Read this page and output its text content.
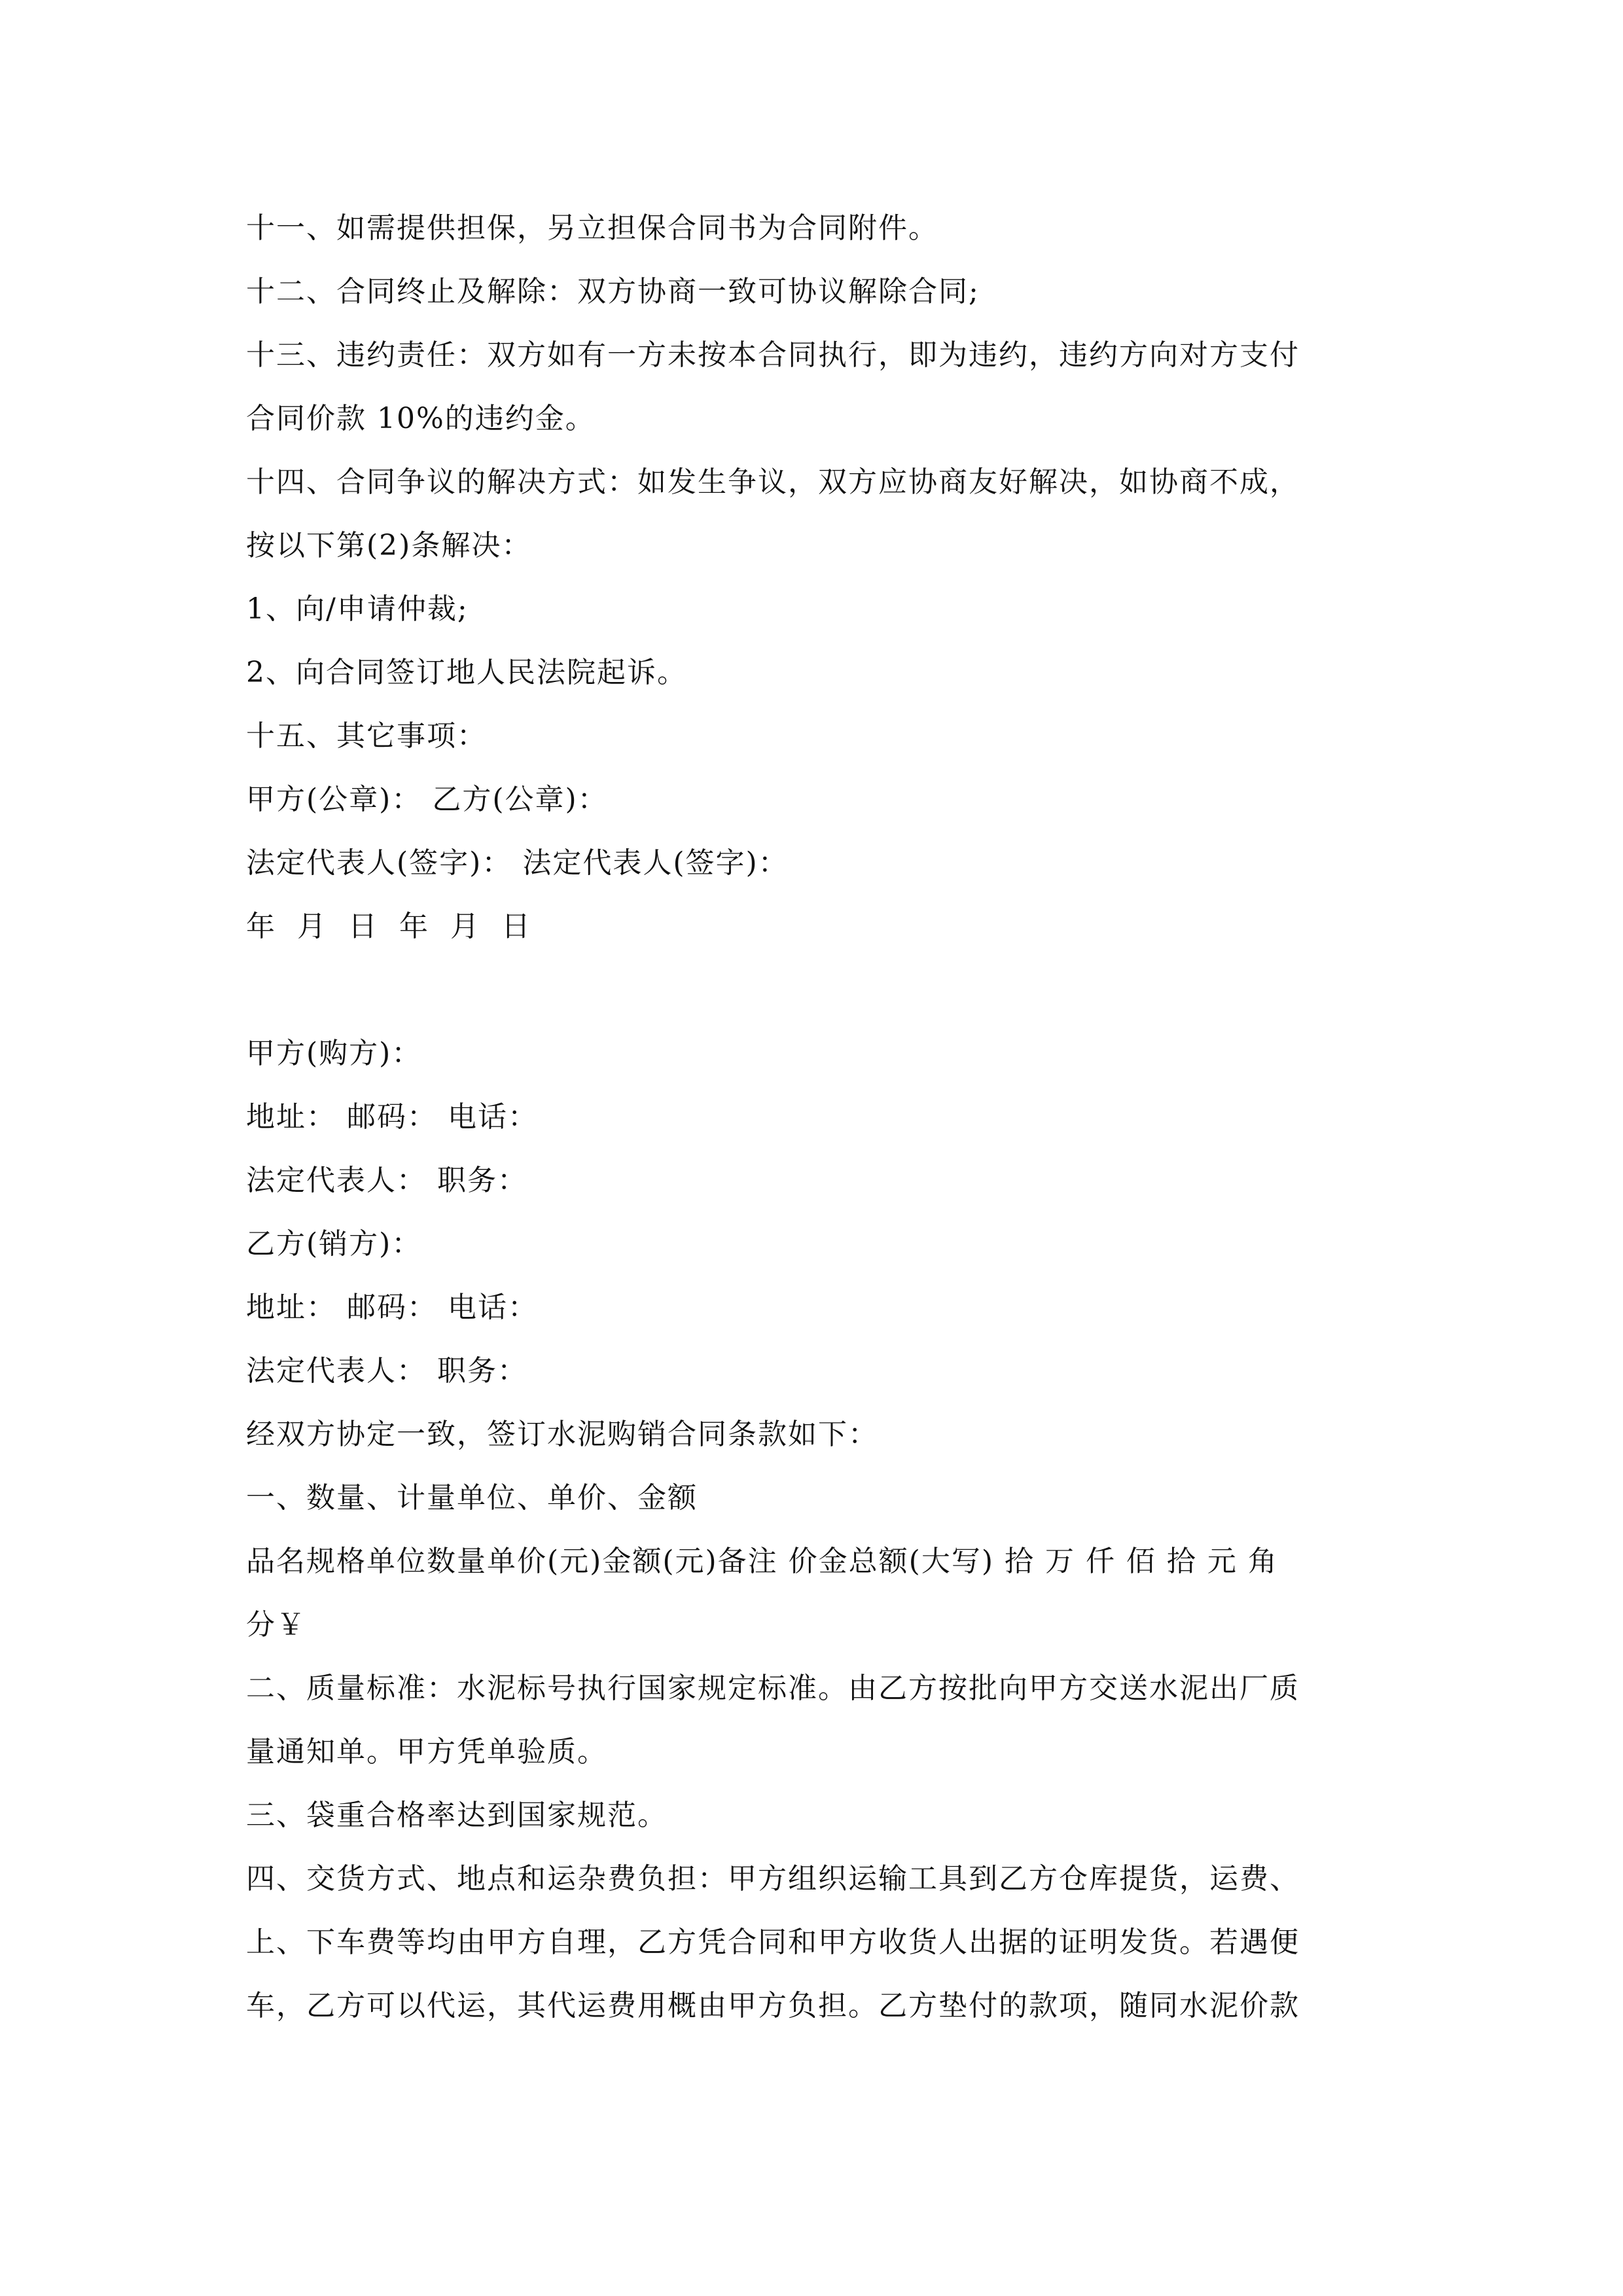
十一、如需提供担保，另立担保合同书为合同附件。
十二、合同终止及解除：双方协商一致可协议解除合同;
十三、违约责任：双方如有一方未按本合同执行，即为违约，违约方向对方支付
合同价款 10%的违约金。
十四、合同争议的解决方式：如发生争议，双方应协商友好解决，如协商不成，
按以下第(2)条解决：
1、向/申请仲裁;
2、向合同签订地人民法院起诉。
十五、其它事项：
甲方(公章)： 乙方(公章)：
法定代表人(签字)： 法定代表人(签字)：
年 月 日 年 月 日
甲方(购方)：
地址： 邮码： 电话：
法定代表人： 职务：
乙方(销方)：
地址： 邮码： 电话：
法定代表人： 职务：
经双方协定一致，签订水泥购销合同条款如下：
一、数量、计量单位、单价、金额
品名规格单位数量单价(元)金额(元)备注 价金总额(大写) 拾 万 仟 佰 拾 元 角
分￥
二、质量标准：水泥标号执行国家规定标准。由乙方按批向甲方交送水泥出厂质
量通知单。甲方凭单验质。
三、袋重合格率达到国家规范。
四、交货方式、地点和运杂费负担：甲方组织运输工具到乙方仓库提货，运费、
上、下车费等均由甲方自理，乙方凭合同和甲方收货人出据的证明发货。若遇便
车，乙方可以代运，其代运费用概由甲方负担。乙方垫付的款项，随同水泥价款
